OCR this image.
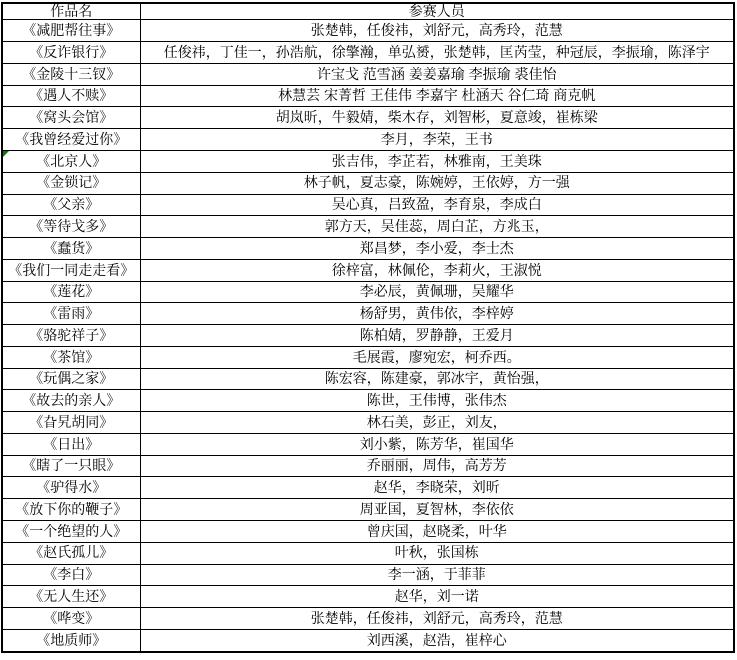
作品名	参赛人员
《减肥帮往事》	张楚韩，任俊祎，刘舒元，高秀玲，范慧
《反诈银行》	任俊祎，丁佳一，孙浩航，徐擎瀚，单弘赟，张楚韩，匡芮莹，种冠辰，李振瑜，陈泽宇
《金陵十三钗》	许宝戈 范雪涵 姜姜嘉瑜 李振瑜 裘佳怡
《遇人不赎》	林慧芸 宋菁哲 王佳伟 李嘉宇 杜涵天 谷仁琦 商克帆
《窝头会馆》	胡岚昕，牛毅婧，柴木存，刘智彬，夏意竣，崔栋梁
《我曾经爱过你》	李月，李荣，王书
《北京人》	张吉伟，李芷若，林雅南，王美珠
《金锁记》	林子帆，夏志豪，陈婉婷，王依婷，方一强
《父亲》	吴心真，吕致盈，李育泉，李成白
《等待戈多》	郭方天，吴佳蕊，周白芷，方兆玉，
《蠢货》	郑昌梦，李小爱，李士杰
《我们一同走走看》	徐梓富，林佩伦，李莉火，王淑悦
《莲花》	李必辰，黄佩珊，吴耀华
《雷雨》	杨舒男，黄伟依，李梓婷
《骆驼祥子》	陈柏婧，罗静静，王爱月
《茶馆》	毛展霞，廖宛宏，柯乔西。
《玩偶之家》	陈宏容，陈建豪，郭冰宇，黄怡强，
《故去的亲人》	陈世，王伟博，张伟杰
《旮旯胡同》	林石美，彭正，刘友，
《日出》	刘小紫，陈芳华，崔国华
《瞎了一只眼》	乔丽丽，周伟，高芳芳
《驴得水》	赵华，李晓荣，刘昕
《放下你的鞭子》	周亚国，夏智林，李依依
《一个绝望的人》	曾庆国，赵晓柔，叶华
《赵氏孤儿》	叶秋，张国栋
《李白》	李一涵，于菲菲
《无人生还》	赵华，刘一诺
《哗变》	张楚韩，任俊祎，刘舒元，高秀玲，范慧
《地质师》	刘西溪，赵浩，崔梓心
